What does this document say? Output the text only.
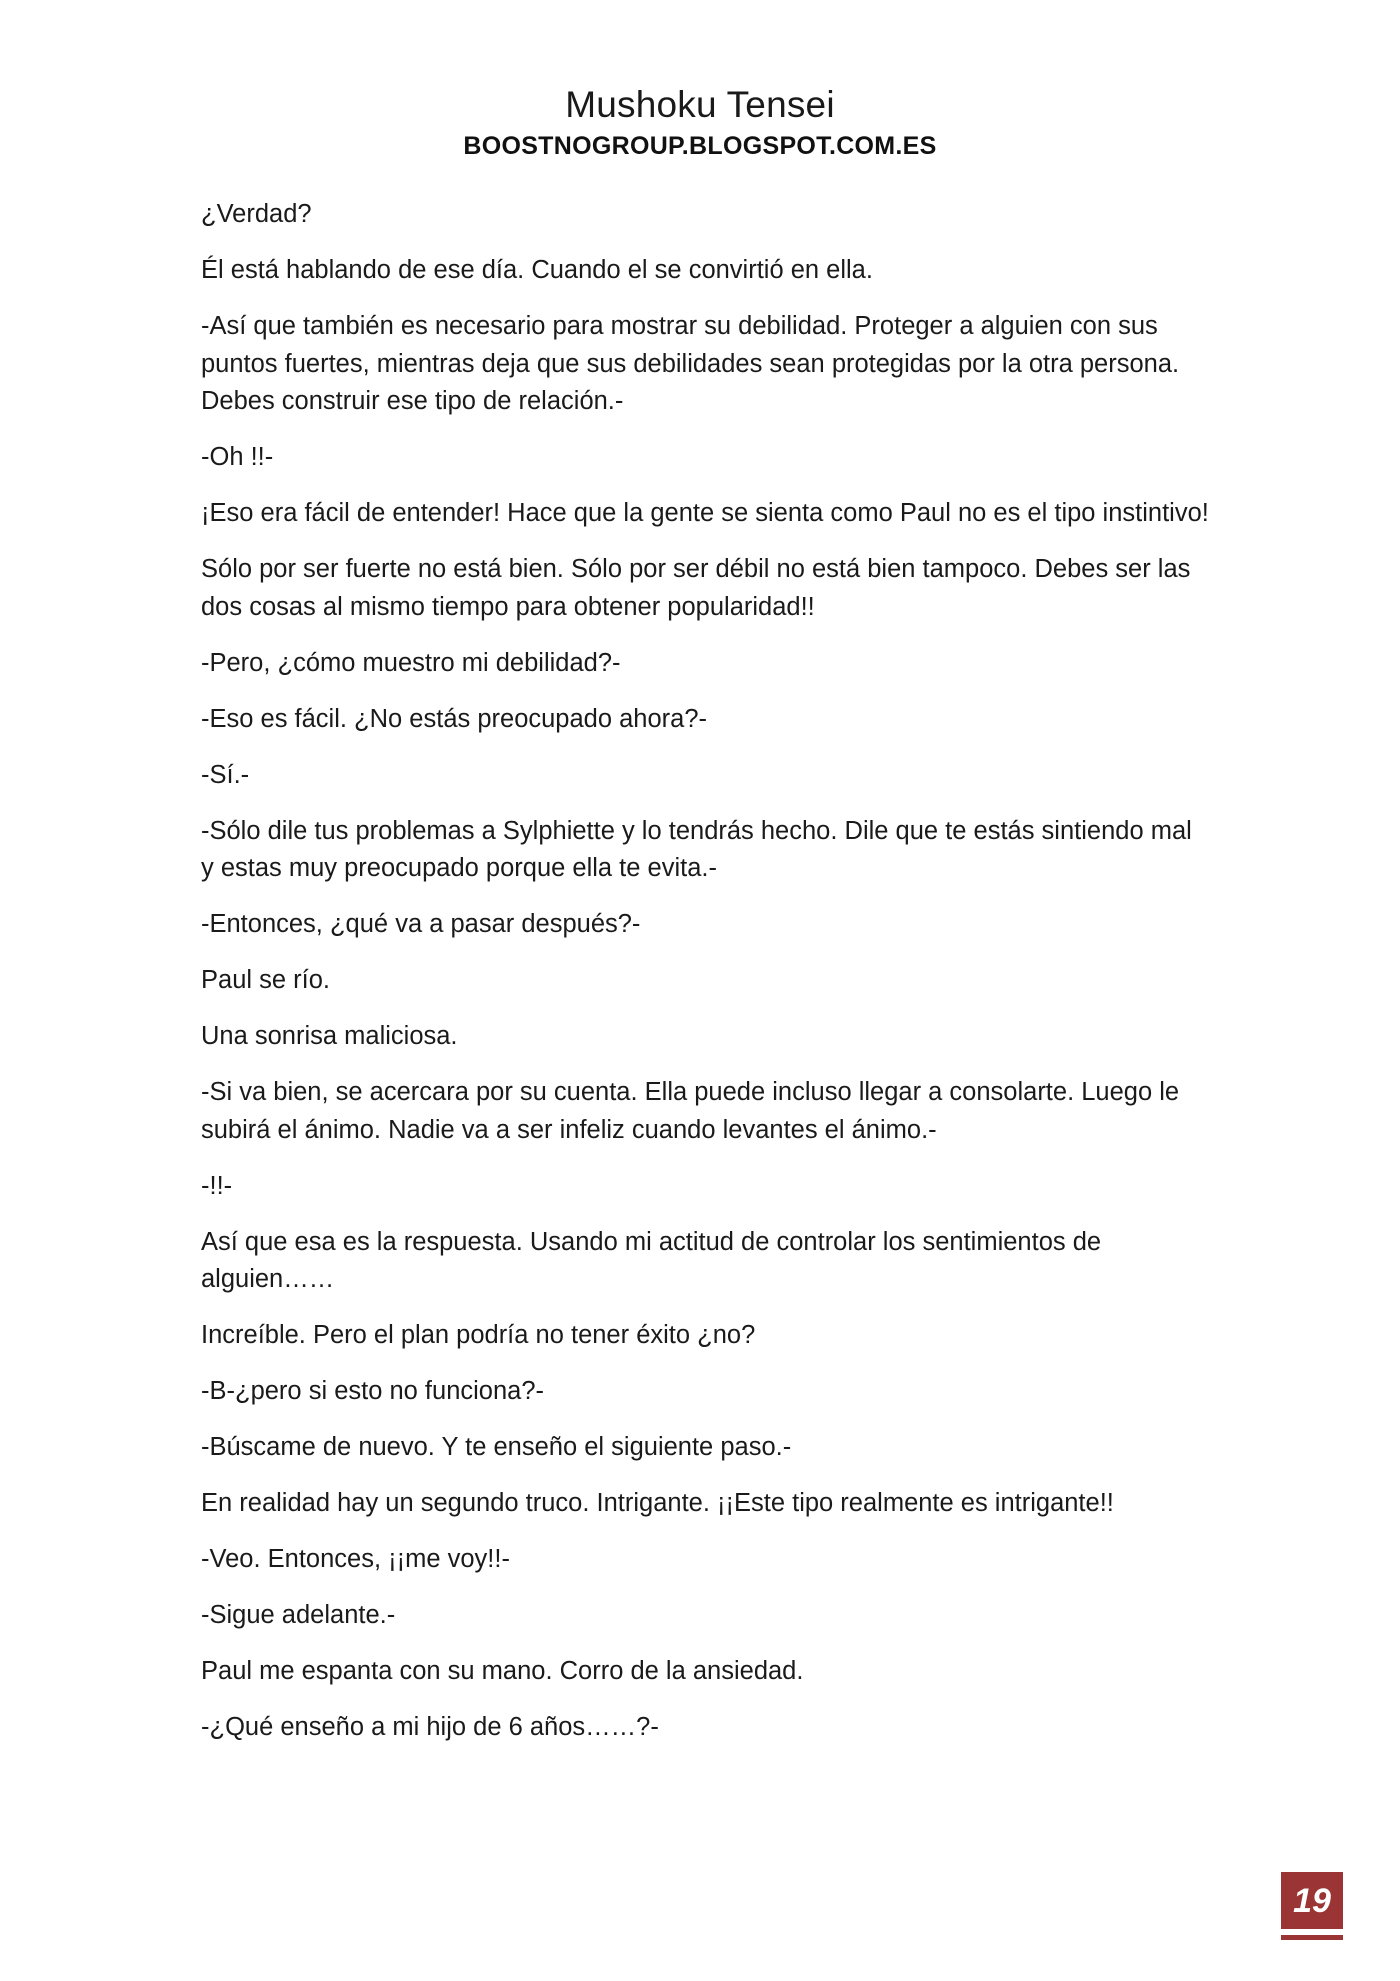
Mushoku Tensei
BOOSTNOGROUP.BLOGSPOT.COM.ES

¿Verdad?

Él está hablando de ese día. Cuando el se convirtió en ella.

-Así que también es necesario para mostrar su debilidad. Proteger a alguien con sus puntos fuertes, mientras deja que sus debilidades sean protegidas por la otra persona. Debes construir ese tipo de relación.-

-Oh !!-

¡Eso era fácil de entender! Hace que la gente se sienta como Paul no es el tipo instintivo!

Sólo por ser fuerte no está bien. Sólo por ser débil no está bien tampoco. Debes ser las dos cosas al mismo tiempo para obtener popularidad!!

-Pero, ¿cómo muestro mi debilidad?-

-Eso es fácil. ¿No estás preocupado ahora?-

-Sí.-

-Sólo dile tus problemas a Sylphiette y lo tendrás hecho. Dile que te estás sintiendo mal y estas muy preocupado porque ella te evita.-

-Entonces, ¿qué va a pasar después?-

Paul se río.

Una sonrisa maliciosa.

-Si va bien, se acercara por su cuenta. Ella puede incluso llegar a consolarte. Luego le subirá el ánimo. Nadie va a ser infeliz cuando levantes el ánimo.-

-!!-

Así que esa es la respuesta. Usando mi actitud de controlar los sentimientos de alguien……

Increíble. Pero el plan podría no tener éxito ¿no?

-B-¿pero si esto no funciona?-

-Búscame de nuevo. Y te enseño el siguiente paso.-

En realidad hay un segundo truco. Intrigante. ¡¡Este tipo realmente es intrigante!!

-Veo. Entonces, ¡¡me voy!!-

-Sigue adelante.-

Paul me espanta con su mano. Corro de la ansiedad.

-¿Qué enseño a mi hijo de 6 años……?-

19
